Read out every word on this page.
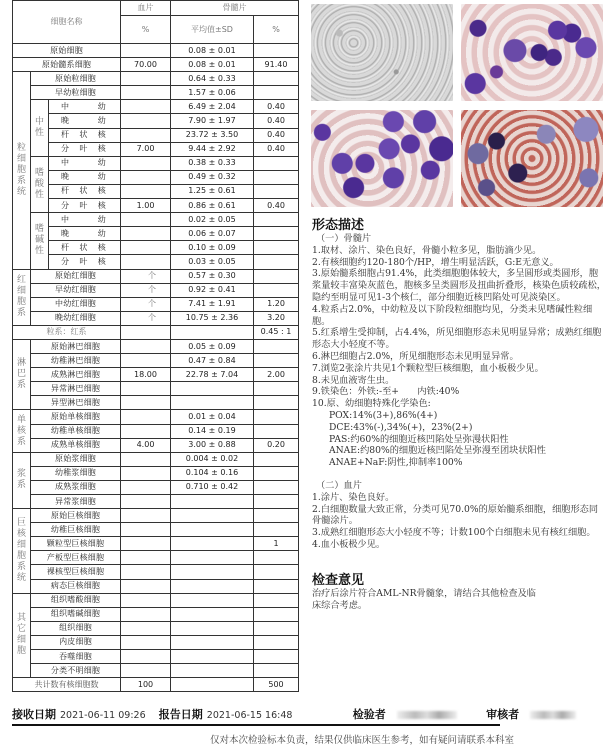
细胞名称			血片	骨髓片	
			%	平均值±SD	%
原始细胞				0.08 ± 0.01	
原始髓系细胞			70.00	0.08 ± 0.01	91.40
粒细胞系统	原始粒细胞			0.64 ± 0.33	
	早幼粒细胞			1.57 ± 0.06	
	中性	中 幼		6.49 ± 2.04	0.40

		晚 幼		7.90 ± 1.97	0.40

		杆 状 核		23.72 ± 3.50	0.40

		分 叶 核	7.00	9.44 ± 2.92	0.40
	嗜酸性	中 幼		0.38 ± 0.33	

		晚 幼		0.49 ± 0.32	

		杆 状 核		1.25 ± 0.61	

		分 叶 核	1.00	0.86 ± 0.61	0.40
	嗜碱性	中 幼		0.02 ± 0.05	

		晚 幼		0.06 ± 0.07	

		杆 状 核		0.10 ± 0.09	

		分 叶 核		0.03 ± 0.05	
红细胞系	原始红细胞		个	0.57 ± 0.30	
	早幼红细胞		个	0.92 ± 0.41	
	中幼红细胞		个	7.41 ± 1.91	1.20
	晚幼红细胞		个	10.75 ± 2.36	3.20
粒系：红系					0.45 : 1
淋巴系	原始淋巴细胞			0.05 ± 0.09	
	幼稚淋巴细胞			0.47 ± 0.84	
	成熟淋巴细胞		18.00	22.78 ± 7.04	2.00
	异常淋巴细胞				
	异型淋巴细胞				
单核系	原始单核细胞			0.01 ± 0.04	
	幼稚单核细胞			0.14 ± 0.19	
	成熟单核细胞		4.00	3.00 ± 0.88	0.20
浆系	原始浆细胞			0.004 ± 0.02	
	幼稚浆细胞			0.104 ± 0.16	
	成熟浆细胞			0.710 ± 0.42	
	异常浆细胞				
巨核细胞系统	原始巨核细胞				
	幼稚巨核细胞				
	颗粒型巨核细胞				1
	产板型巨核细胞				
	裸核型巨核细胞				
	病态巨核细胞				
其它细胞	组织嗜酸细胞				
	组织嗜碱细胞				
	组织细胞				
	内皮细胞				
	吞噬细胞				
	分类不明细胞				
共计数有核细胞数			100		500
形态描述
（一）骨髓片
1.取材、涂片、染色良好，骨髓小粒多见，脂肪滴少见。
2.有核细胞约120-180个/HP，增生明显活跃，G:E无意义。
3.原始髓系细胞占91.4%，此类细胞胞体较大，多呈圆形或类圆形，胞浆量较丰富染灰蓝色，胞核多呈类圆形及扭曲折叠形，核染色质较疏松，隐约至明显可见1-3个核仁，部分细胞近核凹陷处可见淡染区。
4.粒系占2.0%，中幼粒及以下阶段粒细胞均见，分类未见嗜碱性粒细胞。
5.红系增生受抑制，占4.4%，所见细胞形态未见明显异常；成熟红细胞形态大小轻度不等。
6.淋巴细胞占2.0%，所见细胞形态未见明显异常。
7.浏览2张涂片共见1个颗粒型巨核细胞，血小板极少见。
8.未见血液寄生虫。
9.铁染色：外铁:-至+　　内铁:40%
10.原、幼细胞特殊化学染色:
POX:14%(3+),86%(4+)
DCE:43%(-),34%(+)，23%(2+)
PAS:约60%的细胞近核凹陷处呈弥漫状阳性
ANAE:约80%的细胞近核凹陷处呈弥漫至团块状阳性
ANAE+NaF:阴性,抑制率100%
（二）血片
1.涂片、染色良好。
2.白细胞数量大致正常，分类可见70.0%的原始髓系细胞，细胞形态同骨髓涂片。
3.成熟红细胞形态大小轻度不等；计数100个白细胞未见有核红细胞。
4.血小板极少见。
检查意见
治疗后涂片符合AML-NR骨髓象，请结合其他检查及临床综合考虑。
接收日期 2021-06-11 09:26 报告日期 2021-06-15 16:48	检验者	审核者
仅对本次检验标本负责，结果仅供临床医生参考，如有疑问请联系本科室
